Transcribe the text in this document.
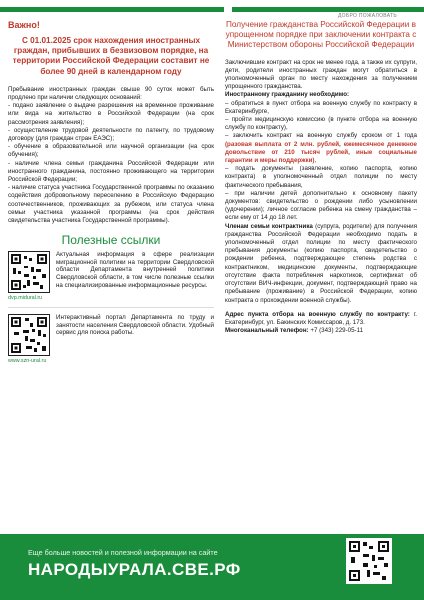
ДОБРО ПОЖАЛОВАТЬ
Важно!
С 01.01.2025 срок нахождения иностранных граждан, прибывших в безвизовом порядке, на территории Российской Федерации составит не более 90 дней в календарном году

Пребывание иностранных граждан свыше 90 суток может быть продлено при наличии следующих оснований:

- подано заявление о выдаче разрешения на временное проживание или вида на жительство в Российской Федерации (на срок рассмотрения заявления);

- осуществление трудовой деятельности по патенту, по трудовому договору (для граждан стран ЕАЭС);

- обучение в образовательной или научной организации (на срок обучения);

- наличие члена семьи гражданина Российской Федерации или иностранного гражданина, постоянно проживающего на территории Российской Федерации;

- наличие статуса участника Государственной программы по оказанию содействия добровольному переселению в Российскую Федерацию соотечественников, проживающих за рубежом, или статуса члена семьи участника указанной программы (на срок действия свидетельства участника Государственной программы).

Полезные ссылки
dvp.midural.ru
Актуальная информация в сфере реализации миграционной политики на территории Свердловской области Департамента внутренней политики Свердловской области, в том числе полезные ссылки на специализированные информационные ресурсы.
www.szn-ural.ru
Интерактивный портал Департамента по труду и занятости населения Свердловской области. Удобный сервис для поиска работы.
Получение гражданства Российской Федерации в упрощенном порядке при заключении контракта с Министерством обороны Российской Федерации
Заключившие контракт на срок не менее года, а также их супруги, дети, родители иностранных граждан могут обратиться в уполномоченный орган по месту нахождения за получением упрощенного гражданства.
Иностранному гражданину необходимо:
– обратиться в пункт отбора на военную службу по контракту в Екатеринбурге,
– пройти медицинскую комиссию (в пункте отбора на военную службу по контракту),
– заключить контракт на военную службу сроком от 1 года (разовая выплата от 2 млн. рублей, ежемесячное денежное довольствие от 210 тысяч рублей, иные социальные гарантии и меры поддержки),
– подать документы (заявление, копию паспорта, копию контракта) в уполномоченный отдел полиции по месту фактического пребывания,
– при наличии детей дополнительно к основному пакету документов: свидетельство о рождении либо усыновлении (удочерении); личное согласие ребенка на смену гражданства – если ему от 14 до 18 лет.
Членам семьи контрактника (супруга, родители) для получения гражданства Российской Федерации необходимо подать в уполномоченный отдел полиции по месту фактического пребывания документы (копию паспорта, свидетельство о рождении ребенка, подтверждающее степень родства с контрактником, медицинские документы, подтверждающие отсутствие факта потребления наркотиков, сертификат об отсутствии ВИЧ-инфекции, документ, подтверждающий право на пребывание (проживание) в Российской Федерации, копию контракта о прохождении военной службы).
Адрес пункта отбора на военную службу по контракту: г. Екатеринбург, ул. Бакинских Комиссаров, д. 173.
Многоканальный телефон: +7 (343) 229-05-11
Еще больше новостей и полезной информации на сайте
НАРОДЫУРАЛА.СВЕ.РФ
